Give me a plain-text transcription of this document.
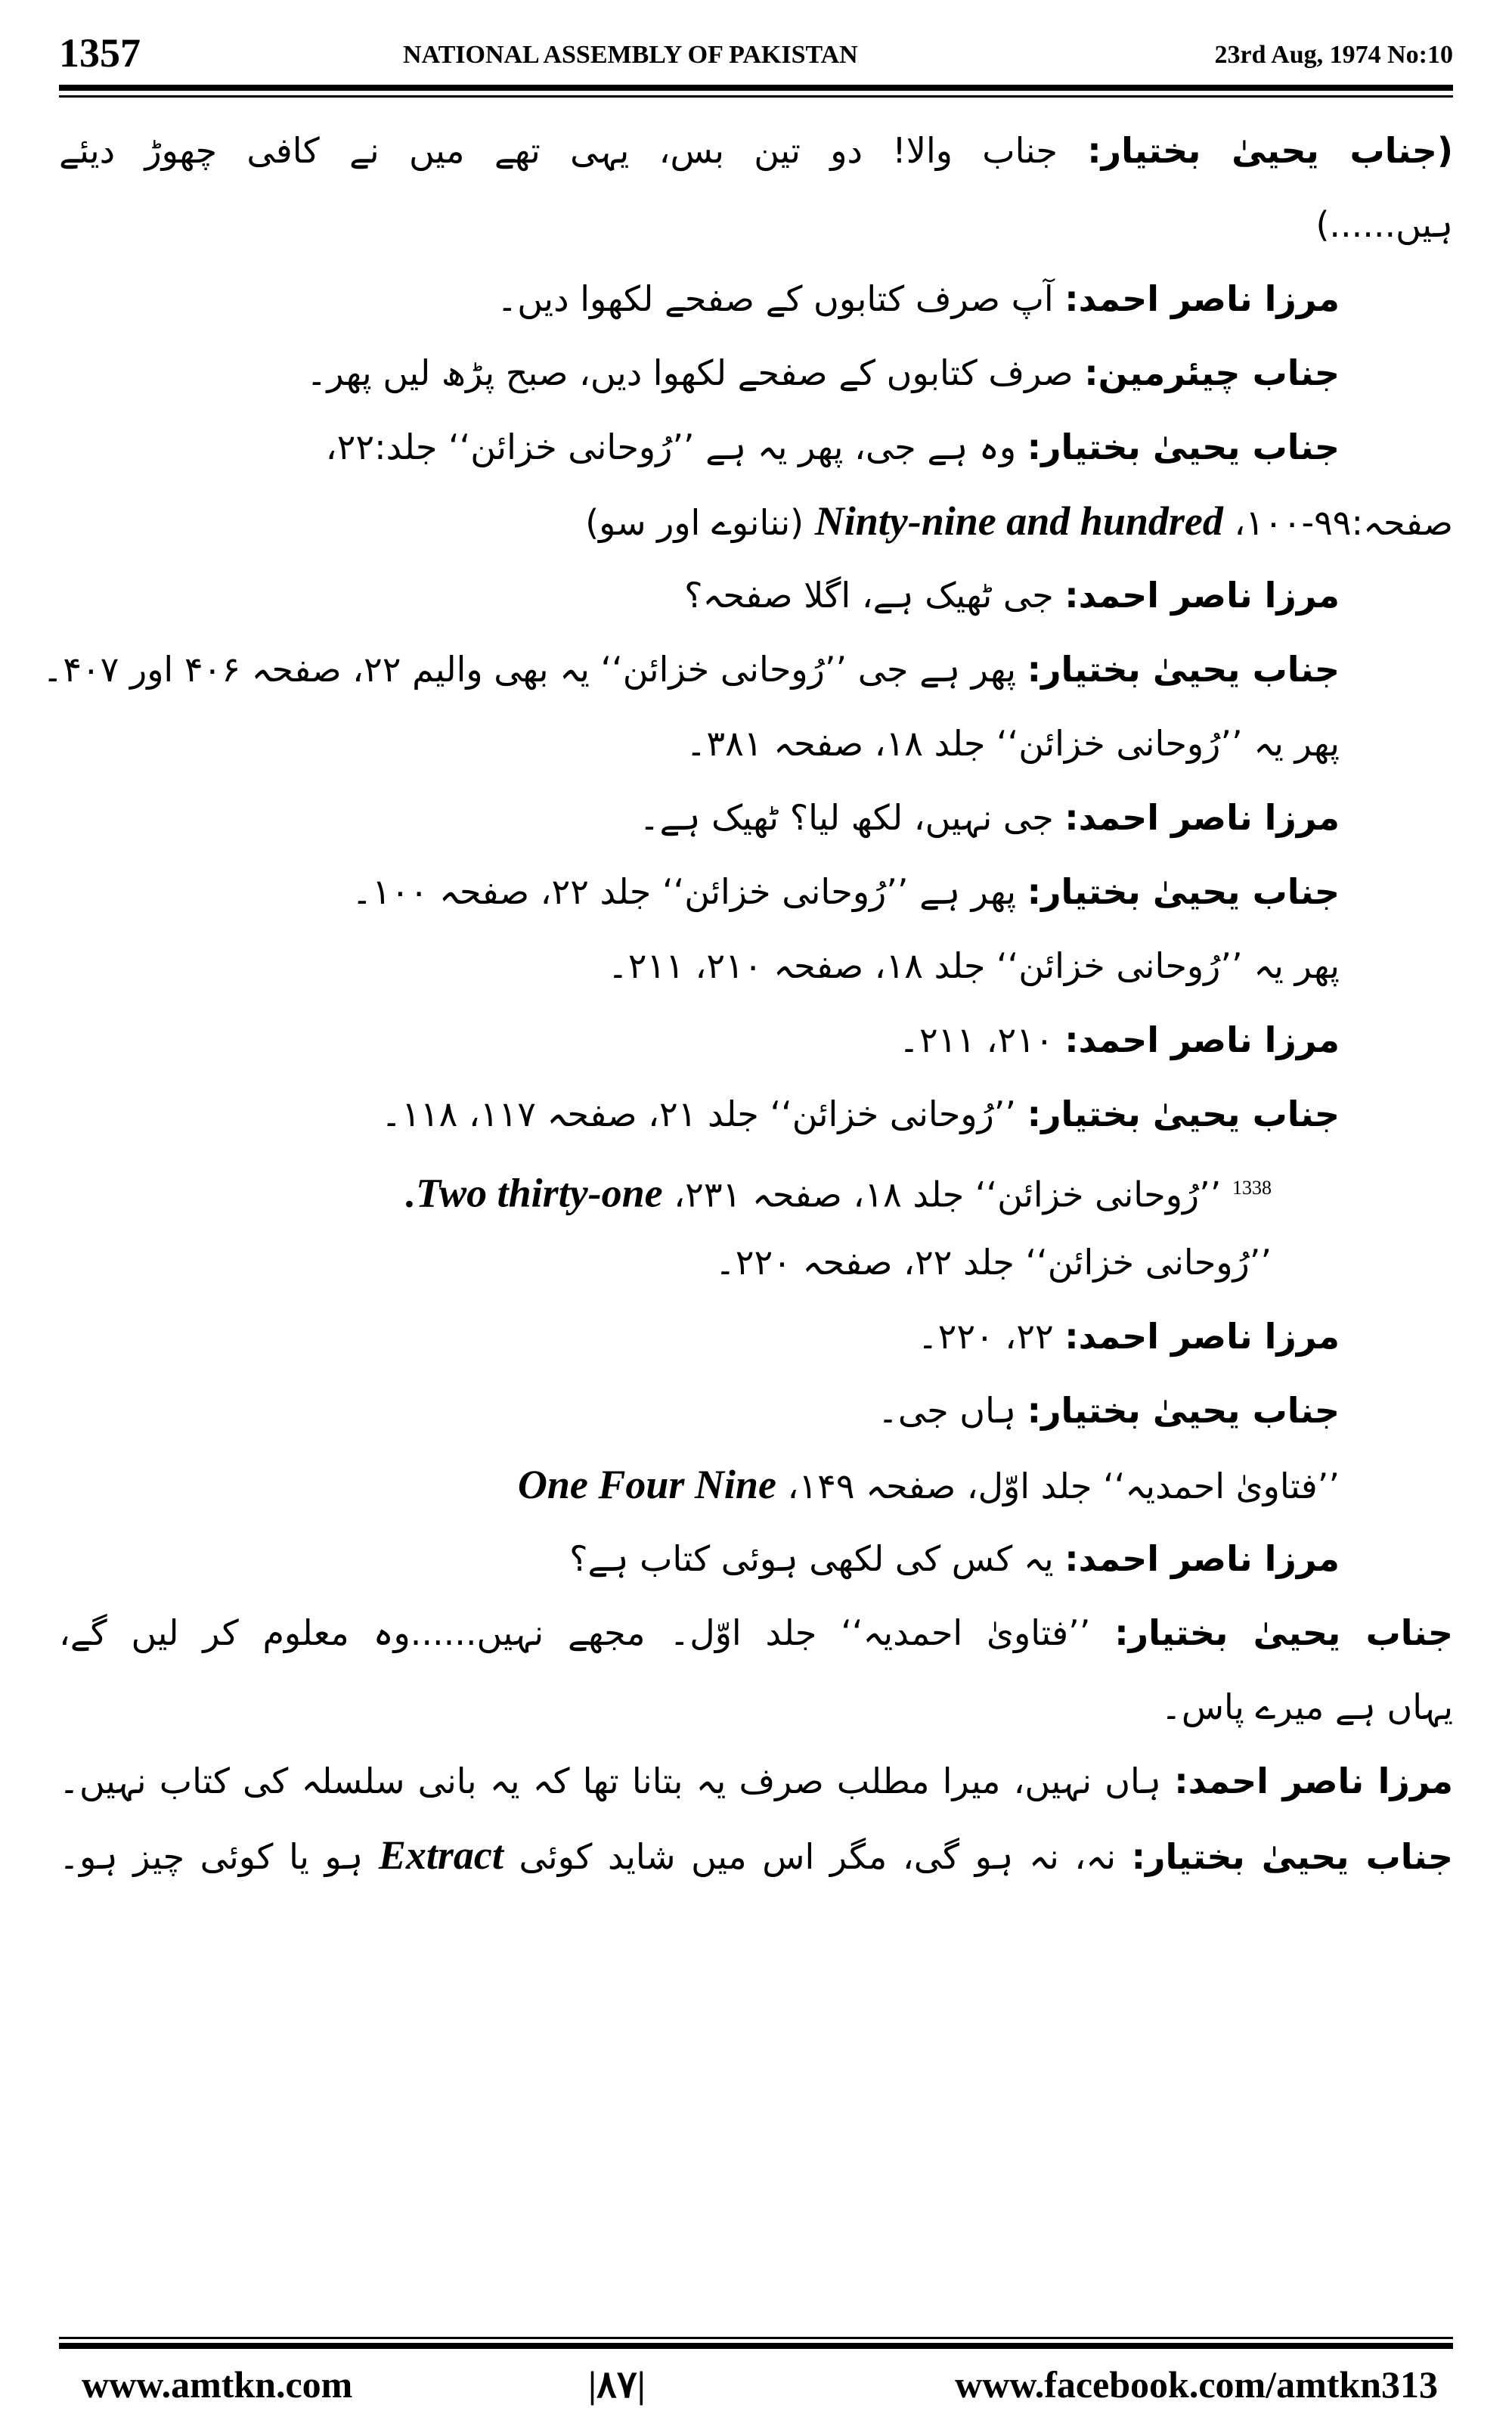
1357	NATIONAL ASSEMBLY OF PAKISTAN	23rd Aug, 1974 No:10
(جناب یحییٰ بختیار: جناب والا! دو تین بس، یہی تھے میں نے کافی چھوڑ دیئے
ہیں......)
مرزا ناصر احمد: آپ صرف کتابوں کے صفحے لکھوا دیں۔
جناب چیئرمین: صرف کتابوں کے صفحے لکھوا دیں، صبح پڑھ لیں پھر۔
جناب یحییٰ بختیار: وہ ہے جی، پھر یہ ہے ’’رُوحانی خزائن‘‘ جلد:۲۲،
صفحہ:۹۹-۱۰۰، Ninty-nine and hundred (ننانوے اور سو)
مرزا ناصر احمد: جی ٹھیک ہے، اگلا صفحہ؟
جناب یحییٰ بختیار: پھر ہے جی ’’رُوحانی خزائن‘‘ یہ بھی والیم ۲۲، صفحہ ۴۰۶ اور ۴۰۷۔
پھر یہ ’’رُوحانی خزائن‘‘ جلد ۱۸، صفحہ ۳۸۱۔
مرزا ناصر احمد: جی نہیں، لکھ لیا؟ ٹھیک ہے۔
جناب یحییٰ بختیار: پھر ہے ’’رُوحانی خزائن‘‘ جلد ۲۲، صفحہ ۱۰۰۔
پھر یہ ’’رُوحانی خزائن‘‘ جلد ۱۸، صفحہ ۲۱۰، ۲۱۱۔
مرزا ناصر احمد: ۲۱۰، ۲۱۱۔
جناب یحییٰ بختیار: ’’رُوحانی خزائن‘‘ جلد ۲۱، صفحہ ۱۱۷، ۱۱۸۔
$^{1338}$ ’’رُوحانی خزائن‘‘ جلد ۱۸، صفحہ ۲۳۱، Two thirty-one.
’’رُوحانی خزائن‘‘ جلد ۲۲، صفحہ ۲۲۰۔
مرزا ناصر احمد: ۲۲، ۲۲۰۔
جناب یحییٰ بختیار: ہاں جی۔
’’فتاویٰ احمدیہ‘‘ جلد اوّل، صفحہ ۱۴۹، One Four Nine
مرزا ناصر احمد: یہ کس کی لکھی ہوئی کتاب ہے؟
جناب یحییٰ بختیار: ’’فتاویٰ احمدیہ‘‘ جلد اوّل۔ مجھے نہیں......وہ معلوم کر لیں گے،
یہاں ہے میرے پاس۔
مرزا ناصر احمد: ہاں نہیں، میرا مطلب صرف یہ بتانا تھا کہ یہ بانی سلسلہ کی کتاب نہیں۔
جناب یحییٰ بختیار: نہ، نہ ہو گی، مگر اس میں شاید کوئی Extract ہو یا کوئی چیز ہو۔
www.amtkn.com	|۸۷|	www.facebook.com/amtkn313
